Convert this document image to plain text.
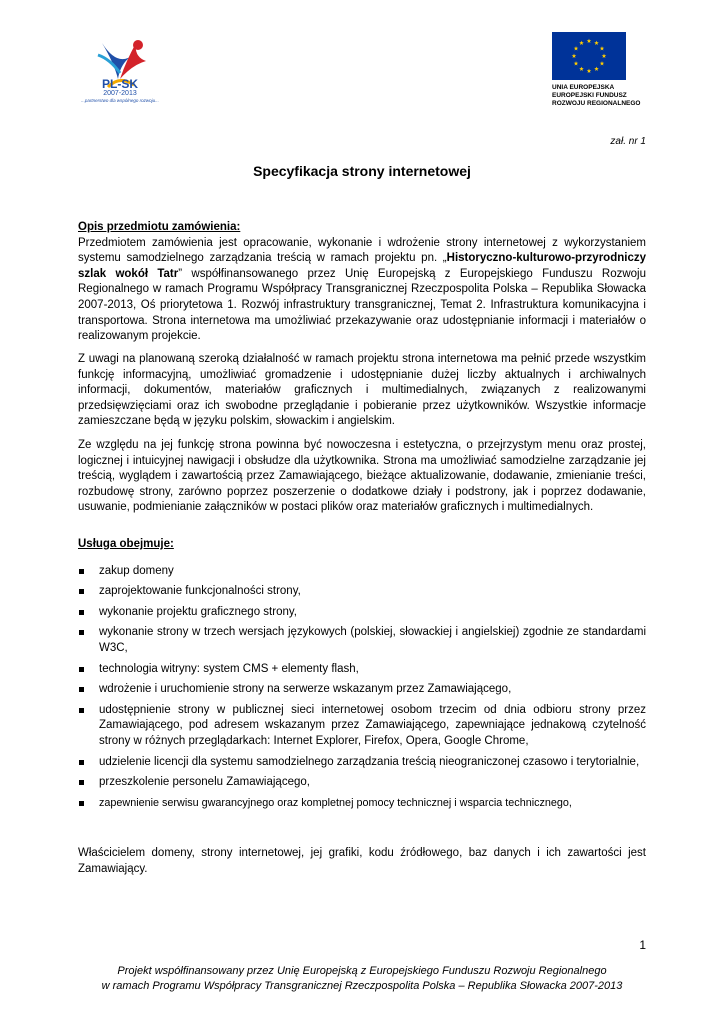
PL-SK
2007-2013
...partnerstwo dla wspólnego rozwoju...
UNIA EUROPEJSKA
EUROPEJSKI FUNDUSZ
ROZWOJU REGIONALNEGO
zał. nr 1
Specyfikacja strony internetowej
Opis przedmiotu zamówienia:
Przedmiotem zamówienia jest opracowanie, wykonanie i wdrożenie strony internetowej z wykorzystaniem systemu samodzielnego zarządzania treścią w ramach projektu pn. „Historyczno-kulturowo-przyrodniczy szlak wokół Tatr” współfinansowanego przez Unię Europejską z Europejskiego Funduszu Rozwoju Regionalnego w ramach Programu Współpracy Transgranicznej Rzeczpospolita Polska – Republika Słowacka 2007-2013, Oś priorytetowa 1. Rozwój infrastruktury transgranicznej, Temat 2. Infrastruktura komunikacyjna i transportowa. Strona internetowa ma umożliwiać przekazywanie oraz udostępnianie informacji i materiałów o realizowanym projekcie.
Z uwagi na planowaną szeroką działalność w ramach projektu strona internetowa ma pełnić przede wszystkim funkcję informacyjną, umożliwiać gromadzenie i udostępnianie dużej liczby aktualnych i archiwalnych informacji, dokumentów, materiałów graficznych i multimedialnych, związanych z realizowanymi przedsięwzięciami oraz ich swobodne przeglądanie i pobieranie przez użytkowników. Wszystkie informacje zamieszczane będą w języku polskim, słowackim i angielskim.
Ze względu na jej funkcję strona powinna być nowoczesna i estetyczna, o przejrzystym menu oraz prostej, logicznej i intuicyjnej nawigacji i obsłudze dla użytkownika. Strona ma umożliwiać samodzielne zarządzanie jej treścią, wyglądem i zawartością przez Zamawiającego, bieżące aktualizowanie, dodawanie, zmienianie treści, rozbudowę strony, zarówno poprzez poszerzenie o dodatkowe działy i podstrony, jak i poprzez dodawanie, usuwanie, podmienianie załączników w postaci plików oraz materiałów graficznych i multimedialnych.
Usługa obejmuje:
zakup domeny
zaprojektowanie funkcjonalności strony,
wykonanie projektu graficznego strony,
wykonanie strony w trzech wersjach językowych (polskiej, słowackiej i angielskiej) zgodnie ze standardami W3C,
technologia witryny: system CMS + elementy flash,
wdrożenie i uruchomienie strony na serwerze wskazanym przez Zamawiającego,
udostępnienie strony w publicznej sieci internetowej osobom trzecim od dnia odbioru strony przez Zamawiającego, pod adresem wskazanym przez Zamawiającego, zapewniające jednakową czytelność strony w różnych przeglądarkach: Internet Explorer, Firefox, Opera, Google Chrome,
udzielenie licencji dla systemu samodzielnego zarządzania treścią nieograniczonej czasowo i terytorialnie,
przeszkolenie personelu Zamawiającego,
zapewnienie serwisu gwarancyjnego oraz kompletnej pomocy technicznej i wsparcia technicznego,
Właścicielem domeny, strony internetowej, jej grafiki, kodu źródłowego, baz danych i ich zawartości jest Zamawiający.
1
Projekt współfinansowany przez Unię Europejską z Europejskiego Funduszu Rozwoju Regionalnego
w ramach Programu Współpracy Transgranicznej Rzeczpospolita Polska – Republika Słowacka 2007-2013
